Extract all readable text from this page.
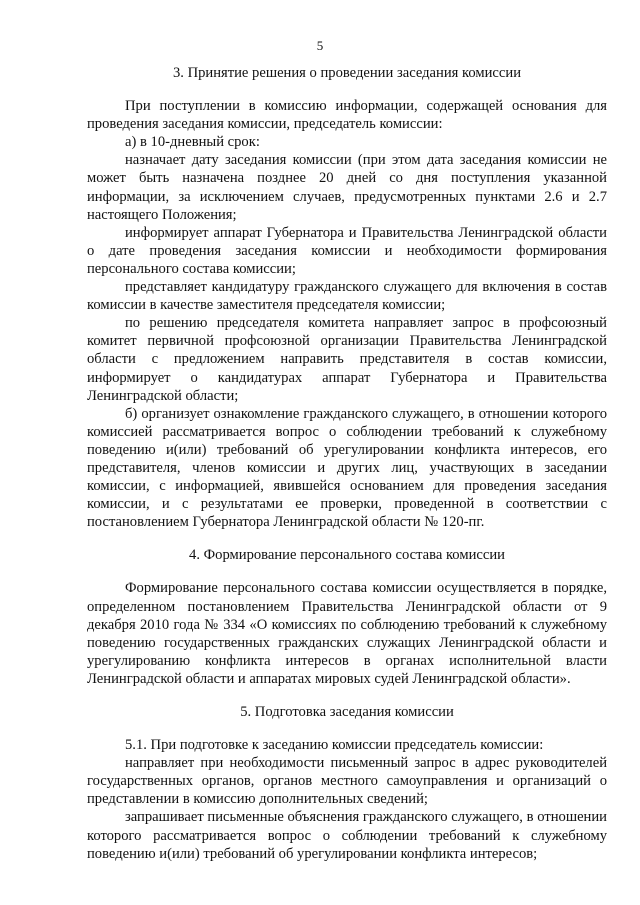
5

3. Принятие решения о проведении заседания комиссии

При поступлении в комиссию информации, содержащей основания для проведения заседания комиссии, председатель комиссии:

а) в 10-дневный срок:

назначает дату заседания комиссии (при этом дата заседания комиссии не может быть назначена позднее 20 дней со дня поступления указанной информации, за исключением случаев, предусмотренных пунктами 2.6 и 2.7 настоящего Положения;

информирует аппарат Губернатора и Правительства Ленинградской области о дате проведения заседания комиссии и необходимости формирования персонального состава комиссии;

представляет кандидатуру гражданского служащего для включения в состав комиссии в качестве заместителя председателя комиссии;

по решению председателя комитета направляет запрос в профсоюзный комитет первичной профсоюзной организации Правительства Ленинградской области с предложением направить представителя в состав комиссии, информирует о кандидатурах аппарат Губернатора и Правительства Ленинградской области;

б) организует ознакомление гражданского служащего, в отношении которого комиссией рассматривается вопрос о соблюдении требований к служебному поведению и(или) требований об урегулировании конфликта интересов, его представителя, членов комиссии и других лиц, участвующих в заседании комиссии, с информацией, явившейся основанием для проведения заседания комиссии, и с результатами ее проверки, проведенной в соответствии с постановлением Губернатора Ленинградской области № 120-пг.

4. Формирование персонального состава комиссии

Формирование персонального состава комиссии осуществляется в порядке, определенном постановлением Правительства Ленинградской области от 9 декабря 2010 года № 334 «О комиссиях по соблюдению требований к служебному поведению государственных гражданских служащих Ленинградской области и урегулированию конфликта интересов в органах исполнительной власти Ленинградской области и аппаратах мировых судей Ленинградской области».

5. Подготовка заседания комиссии

5.1. При подготовке к заседанию комиссии председатель комиссии:

направляет при необходимости письменный запрос в адрес руководителей государственных органов, органов местного самоуправления и организаций о представлении в комиссию дополнительных сведений;

запрашивает письменные объяснения гражданского служащего, в отношении которого рассматривается вопрос о соблюдении требований к служебному поведению и(или) требований об урегулировании конфликта интересов;
